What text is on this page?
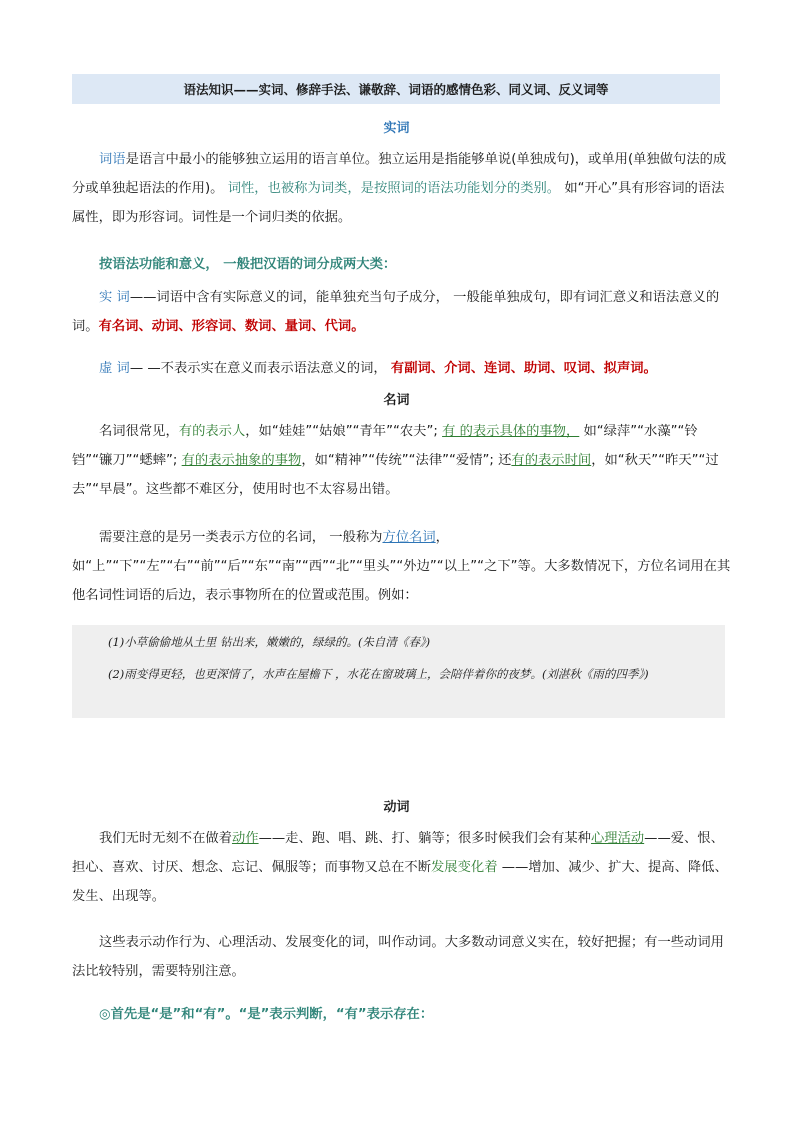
语法知识——实词、修辞手法、谦敬辞、词语的感情色彩、同义词、反义词等
实词
词语是语言中最小的能够独立运用的语言单位。独立运用是指能够单说(单独成句)，或单用(单独做句法的成分或单独起语法的作用)。 词性，也被称为词类，是按照词的语法功能划分的类别。 如“开心”具有形容词的语法属性，即为形容词。词性是一个词归类的依据。
按语法功能和意义， 一般把汉语的词分成两大类：
实 词——词语中含有实际意义的词，能单独充当句子成分， 一般能单独成句，即有词汇意义和语法意义的词。有名词、动词、形容词、数词、量词、代词。
虚 词— —不表示实在意义而表示语法意义的词， 有副词、介词、连词、助词、叹词、拟声词。
名词
名词很常见，有的表示人，如“娃娃”“姑娘”“青年”“农夫”; 有 的表示具体的事物， 如“绿萍”“水藻”“铃铛”“镰刀”“蟋蟀”; 有的表示抽象的事物，如“精神”“传统”“法律”“爱情”; 还有的表示时间，如“秋天”“昨天”“过去”“早晨”。这些都不难区分，使用时也不太容易出错。
需要注意的是另一类表示方位的名词， 一般称为方位名词，如“上”“下”“左”“右”“前”“后”“东”“南”“西”“北”“里头”“外边”“以上”“之下”等。大多数情况下，方位名词用在其他名词性词语的后边，表示事物所在的位置或范围。例如：
(1)小草偷偷地从土里 钻出来，嫩嫩的，绿绿的。(朱自清《春》)
(2)雨变得更轻，也更深情了，水声在屋檐下 ，水花在窗玻璃上，会陪伴着你的夜梦。(刘湛秋《雨的四季》)
动词
我们无时无刻不在做着动作——走、跑、唱、跳、打、躺等；很多时候我们会有某种心理活动——爱、恨、担心、喜欢、讨厌、想念、忘记、佩服等；而事物又总在不断发展变化着 ——增加、减少、扩大、提高、降低、发生、出现等。
这些表示动作行为、心理活动、发展变化的词，叫作动词。大多数动词意义实在，较好把握；有一些动词用法比较特别，需要特别注意。
◎首先是“是”和“有”。“是”表示判断，“有”表示存在：
